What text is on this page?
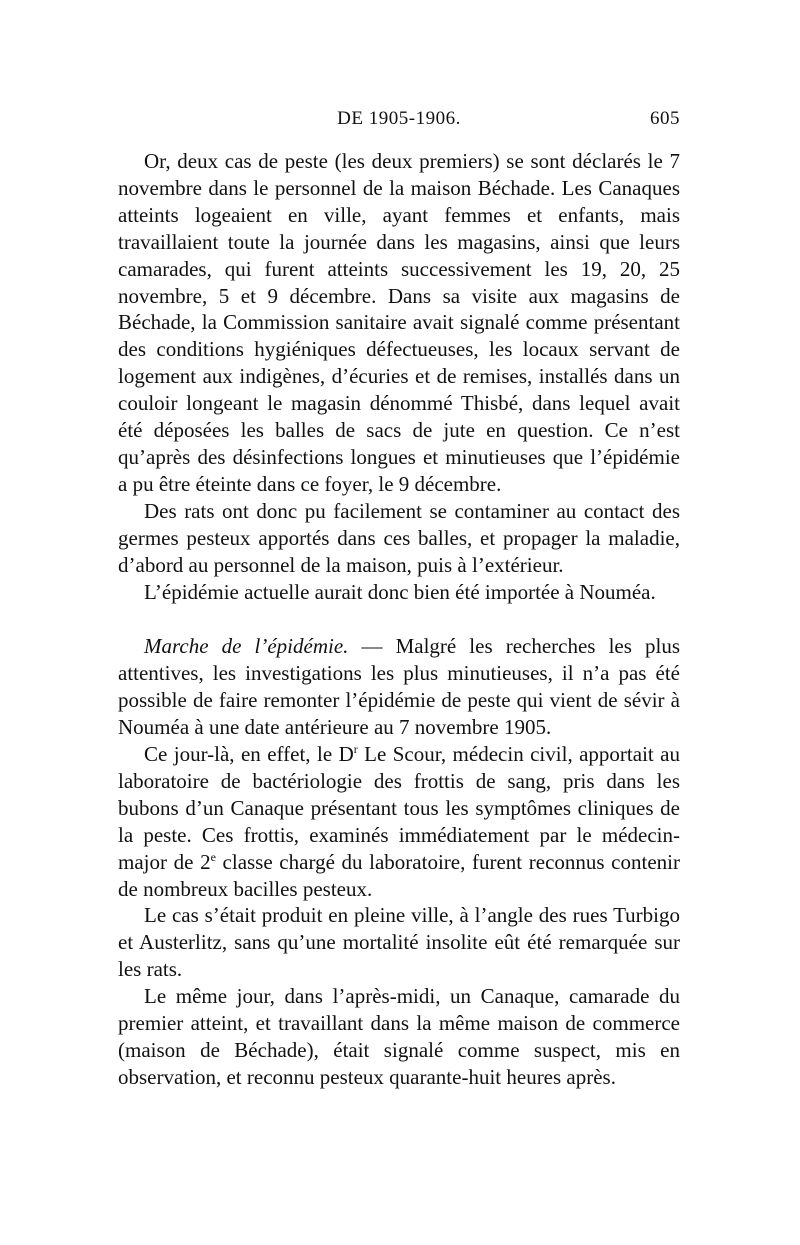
DE 1905-1906.	605

Or, deux cas de peste (les deux premiers) se sont déclarés le 7 novembre dans le personnel de la maison Béchade. Les Canaques atteints logeaient en ville, ayant femmes et enfants, mais travaillaient toute la journée dans les magasins, ainsi que leurs camarades, qui furent atteints successivement les 19, 20, 25 novembre, 5 et 9 décembre. Dans sa visite aux magasins de Béchade, la Commission sanitaire avait signalé comme présentant des conditions hygiéniques défectueuses, les locaux servant de logement aux indigènes, d’écuries et de remises, installés dans un couloir longeant le magasin dénommé Thisbé, dans lequel avait été déposées les balles de sacs de jute en question. Ce n’est qu’après des désinfections longues et minutieuses que l’épidémie a pu être éteinte dans ce foyer, le 9 décembre.

Des rats ont donc pu facilement se contaminer au contact des germes pesteux apportés dans ces balles, et propager la maladie, d’abord au personnel de la maison, puis à l’extérieur.

L’épidémie actuelle aurait donc bien été importée à Nouméa.

Marche de l’épidémie. — Malgré les recherches les plus attentives, les investigations les plus minutieuses, il n’a pas été possible de faire remonter l’épidémie de peste qui vient de sévir à Nouméa à une date antérieure au 7 novembre 1905.

Ce jour-là, en effet, le $D^r$ Le Scour, médecin civil, apportait au laboratoire de bactériologie des frottis de sang, pris dans les bubons d’un Canaque présentant tous les symptômes cliniques de la peste. Ces frottis, examinés immédiatement par le médecin-major de 2e classe chargé du laboratoire, furent reconnus contenir de nombreux bacilles pesteux.

Le cas s’était produit en pleine ville, à l’angle des rues Turbigo et Austerlitz, sans qu’une mortalité insolite eût été remarquée sur les rats.

Le même jour, dans l’après-midi, un Canaque, camarade du premier atteint, et travaillant dans la même maison de commerce (maison de Béchade), était signalé comme suspect, mis en observation, et reconnu pesteux quarante-huit heures après.
